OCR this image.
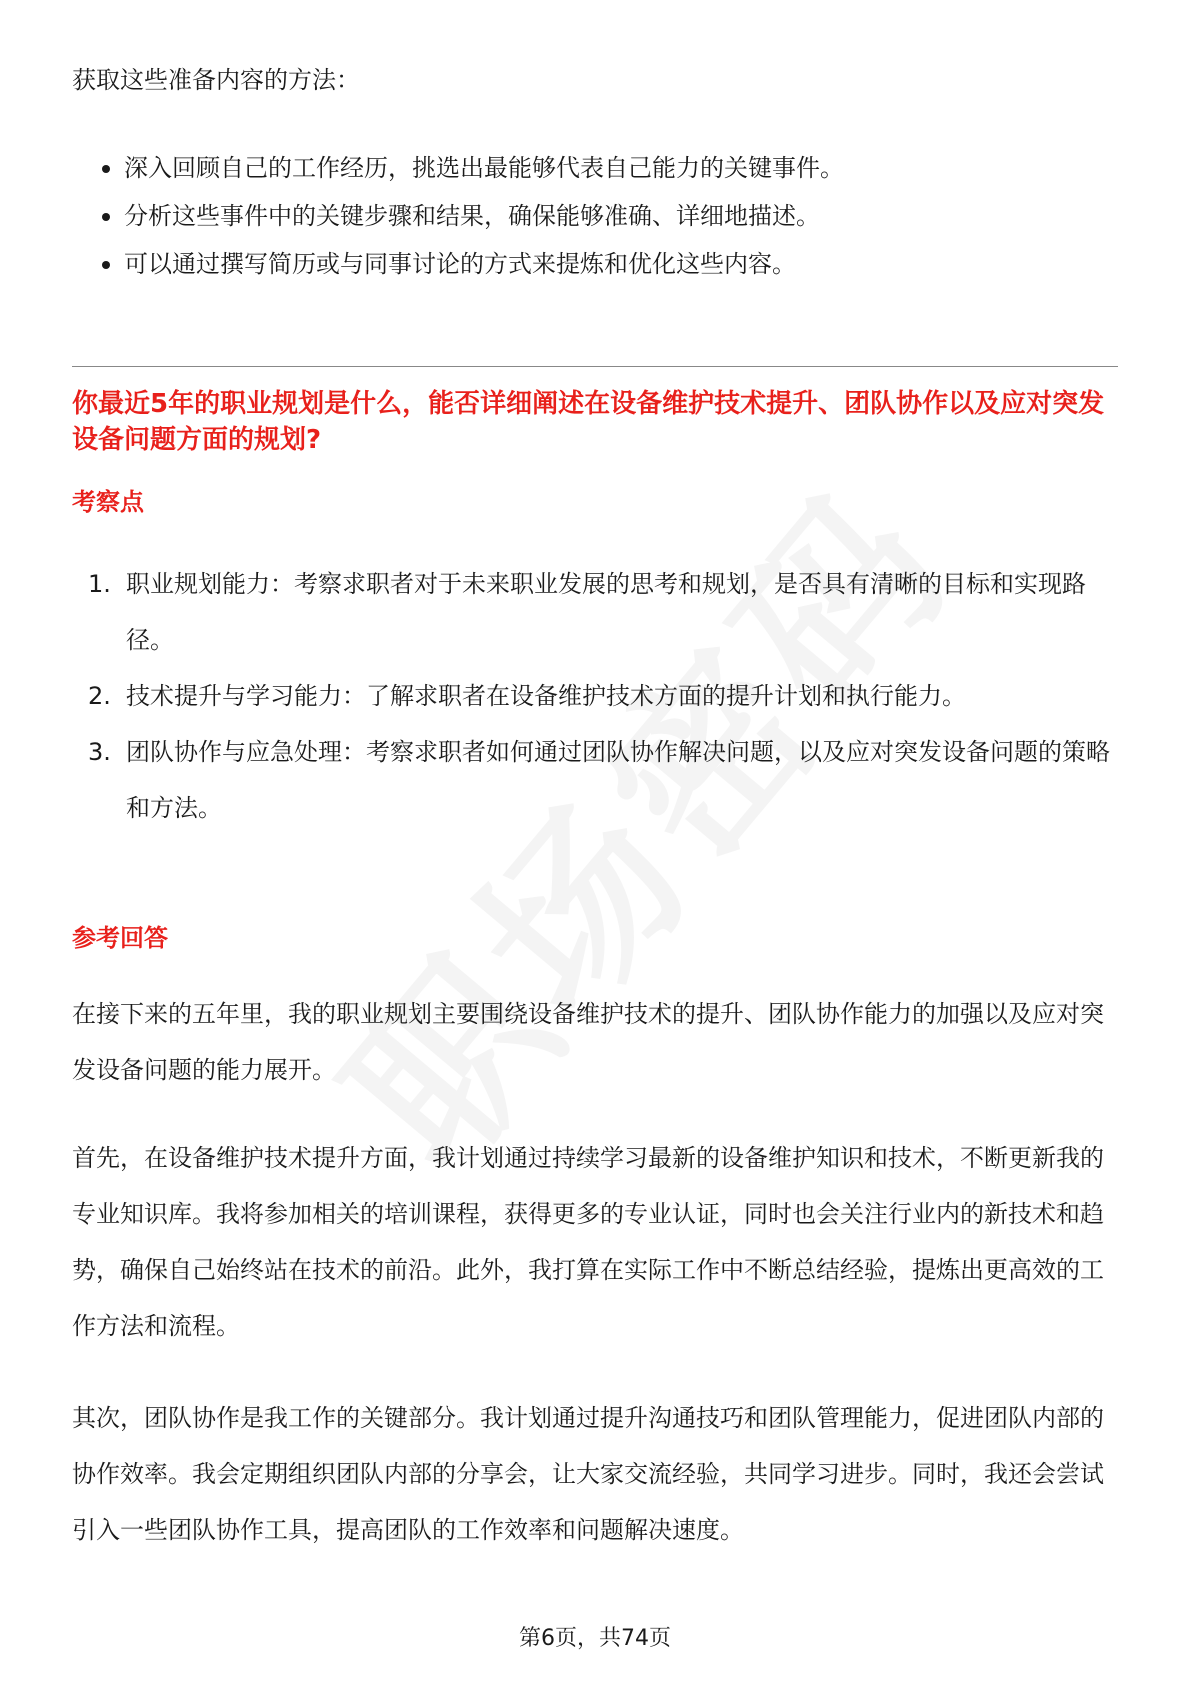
获取这些准备内容的方法：

深入回顾自己的工作经历，挑选出最能够代表自己能力的关键事件。
分析这些事件中的关键步骤和结果，确保能够准确、详细地描述。
可以通过撰写简历或与同事讨论的方式来提炼和优化这些内容。
你最近5年的职业规划是什么，能否详细阐述在设备维护技术提升、团队协作以及应对突发设备问题方面的规划?
考察点
1. 职业规划能力：考察求职者对于未来职业发展的思考和规划，是否具有清晰的目标和实现路径。
2. 技术提升与学习能力：了解求职者在设备维护技术方面的提升计划和执行能力。
3. 团队协作与应急处理：考察求职者如何通过团队协作解决问题，以及应对突发设备问题的策略和方法。
参考回答

在接下来的五年里，我的职业规划主要围绕设备维护技术的提升、团队协作能力的加强以及应对突发设备问题的能力展开。

首先，在设备维护技术提升方面，我计划通过持续学习最新的设备维护知识和技术，不断更新我的专业知识库。我将参加相关的培训课程，获得更多的专业认证，同时也会关注行业内的新技术和趋势，确保自己始终站在技术的前沿。此外，我打算在实际工作中不断总结经验，提炼出更高效的工作方法和流程。

其次，团队协作是我工作的关键部分。我计划通过提升沟通技巧和团队管理能力，促进团队内部的协作效率。我会定期组织团队内部的分享会，让大家交流经验，共同学习进步。同时，我还会尝试引入一些团队协作工具，提高团队的工作效率和问题解决速度。

第6页，共74页
